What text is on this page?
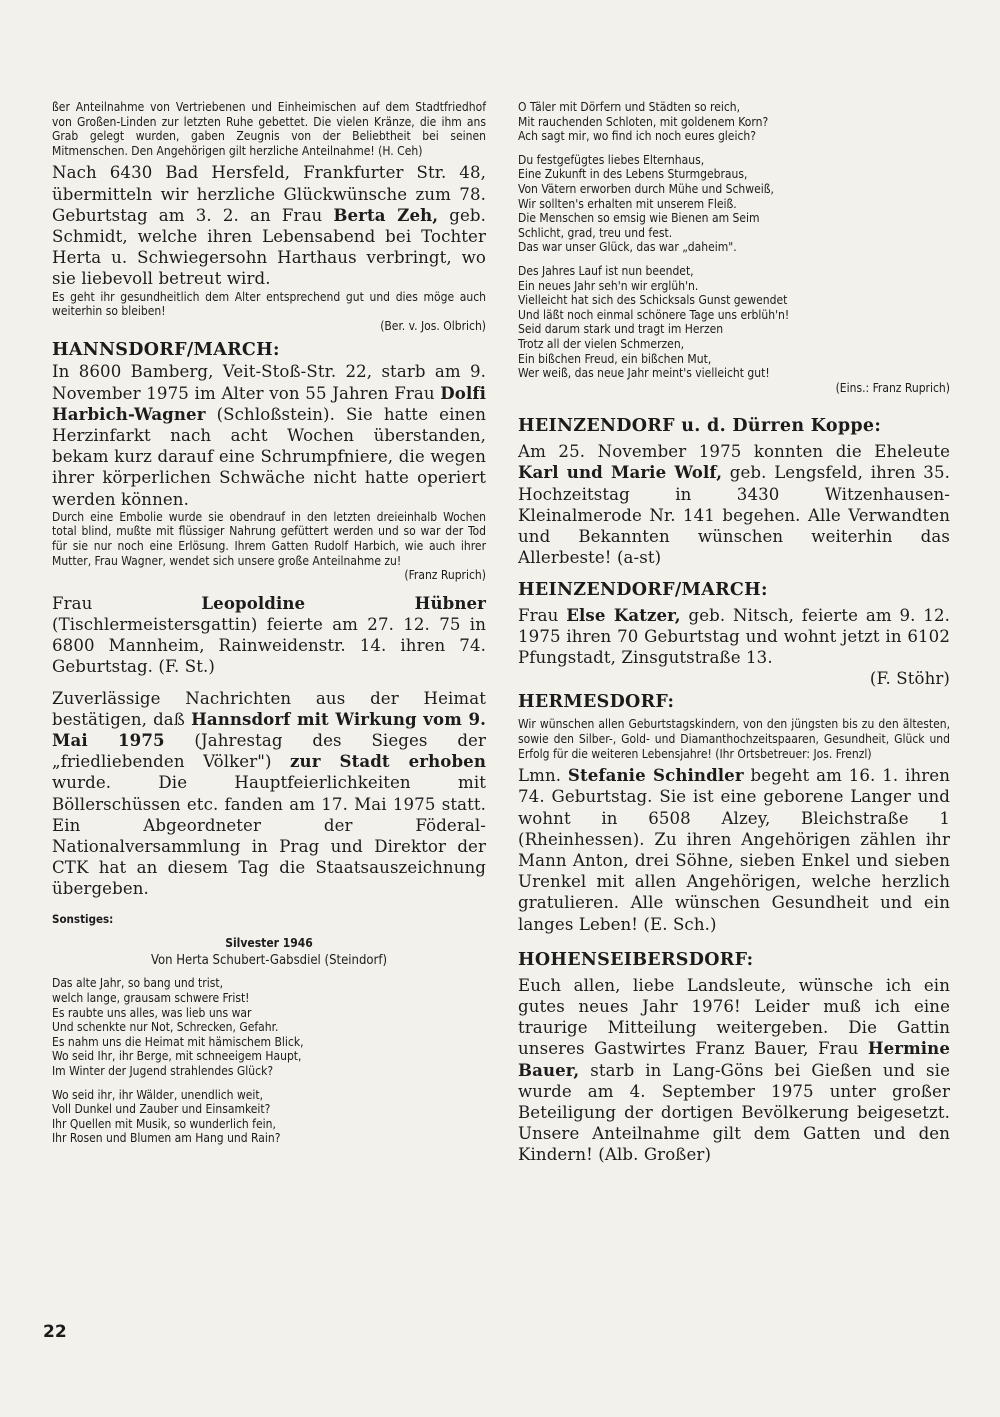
ßer Anteilnahme von Vertriebenen und Einheimischen auf dem Stadtfriedhof von Großen-Linden zur letzten Ruhe gebettet. Die vielen Kränze, die ihm ans Grab gelegt wurden, gaben Zeugnis von der Beliebtheit bei seinen Mitmenschen. Den Angehörigen gilt herzliche Anteilnahme! (H. Ceh)

Nach 6430 Bad Hersfeld, Frankfurter Str. 48, übermitteln wir herzliche Glückwünsche zum 78. Geburtstag am 3. 2. an Frau Berta Zeh, geb. Schmidt, welche ihren Lebensabend bei Tochter Herta u. Schwiegersohn Harthaus verbringt, wo sie liebevoll betreut wird.

Es geht ihr gesundheitlich dem Alter entsprechend gut und dies möge auch weiterhin so bleiben!

(Ber. v. Jos. Olbrich)

HANNSDORF/MARCH:

In 8600 Bamberg, Veit-Stoß-Str. 22, starb am 9. November 1975 im Alter von 55 Jahren Frau Dolfi Harbich-Wagner (Schloßstein). Sie hatte einen Herzinfarkt nach acht Wochen überstanden, bekam kurz darauf eine Schrumpfniere, die wegen ihrer körperlichen Schwäche nicht hatte operiert werden können.

Durch eine Embolie wurde sie obendrauf in den letzten dreieinhalb Wochen total blind, mußte mit flüssiger Nahrung gefüttert werden und so war der Tod für sie nur noch eine Erlösung. Ihrem Gatten Rudolf Harbich, wie auch ihrer Mutter, Frau Wagner, wendet sich unsere große Anteilnahme zu!

(Franz Ruprich)

Frau Leopoldine Hübner (Tischlermeistersgattin) feierte am 27. 12. 75 in 6800 Mannheim, Rainweidenstr. 14. ihren 74. Geburtstag. (F. St.)

Zuverlässige Nachrichten aus der Heimat bestätigen, daß Hannsdorf mit Wirkung vom 9. Mai 1975 (Jahrestag des Sieges der „friedliebenden Völker") zur Stadt erhoben wurde. Die Hauptfeierlichkeiten mit Böllerschüssen etc. fanden am 17. Mai 1975 statt. Ein Abgeordneter der Föderal-Nationalversammlung in Prag und Direktor der CTK hat an diesem Tag die Staatsauszeichnung übergeben.

Sonstiges:

Silvester 1946

Von Herta Schubert-Gabsdiel (Steindorf)

Das alte Jahr, so bang und trist,
welch lange, grausam schwere Frist!
Es raubte uns alles, was lieb uns war
Und schenkte nur Not, Schrecken, Gefahr.
Es nahm uns die Heimat mit hämischem Blick,
Wo seid Ihr, ihr Berge, mit schneeigem Haupt,
Im Winter der Jugend strahlendes Glück?
Wo seid ihr, ihr Wälder, unendlich weit,
Voll Dunkel und Zauber und Einsamkeit?
Ihr Quellen mit Musik, so wunderlich fein,
Ihr Rosen und Blumen am Hang und Rain?
O Täler mit Dörfern und Städten so reich,
Mit rauchenden Schloten, mit goldenem Korn?
Ach sagt mir, wo find ich noch eures gleich?
Du festgefügtes liebes Elternhaus,
Eine Zukunft in des Lebens Sturmgebraus,
Von Vätern erworben durch Mühe und Schweiß,
Wir sollten's erhalten mit unserem Fleiß.
Die Menschen so emsig wie Bienen am Seim
Schlicht, grad, treu und fest.
Das war unser Glück, das war „daheim".
Des Jahres Lauf ist nun beendet,
Ein neues Jahr seh'n wir erglüh'n.
Vielleicht hat sich des Schicksals Gunst gewendet
Und läßt noch einmal schönere Tage uns erblüh'n!
Seid darum stark und tragt im Herzen
Trotz all der vielen Schmerzen,
Ein bißchen Freud, ein bißchen Mut,
Wer weiß, das neue Jahr meint's vielleicht gut!

(Eins.: Franz Ruprich)

HEINZENDORF u. d. Dürren Koppe:

Am 25. November 1975 konnten die Eheleute Karl und Marie Wolf, geb. Lengsfeld, ihren 35. Hochzeitstag in 3430 Witzenhausen-Kleinalmerode Nr. 141 begehen. Alle Verwandten und Bekannten wünschen weiterhin das Allerbeste! (a-st)

HEINZENDORF/MARCH:

Frau Else Katzer, geb. Nitsch, feierte am 9. 12. 1975 ihren 70 Geburtstag und wohnt jetzt in 6102 Pfungstadt, Zinsgutstraße 13.

(F. Stöhr)

HERMESDORF:

Wir wünschen allen Geburtstagskindern, von den jüngsten bis zu den ältesten, sowie den Silber-, Gold- und Diamanthochzeitspaaren, Gesundheit, Glück und Erfolg für die weiteren Lebensjahre! (Ihr Ortsbetreuer: Jos. Frenzl)

Lmn. Stefanie Schindler begeht am 16. 1. ihren 74. Geburtstag. Sie ist eine geborene Langer und wohnt in 6508 Alzey, Bleichstraße 1 (Rheinhessen). Zu ihren Angehörigen zählen ihr Mann Anton, drei Söhne, sieben Enkel und sieben Urenkel mit allen Angehörigen, welche herzlich gratulieren. Alle wünschen Gesundheit und ein langes Leben! (E. Sch.)

HOHENSEIBERSDORF:

Euch allen, liebe Landsleute, wünsche ich ein gutes neues Jahr 1976! Leider muß ich eine traurige Mitteilung weitergeben. Die Gattin unseres Gastwirtes Franz Bauer, Frau Hermine Bauer, starb in Lang-Göns bei Gießen und sie wurde am 4. September 1975 unter großer Beteiligung der dortigen Bevölkerung beigesetzt. Unsere Anteilnahme gilt dem Gatten und den Kindern! (Alb. Großer)

22
